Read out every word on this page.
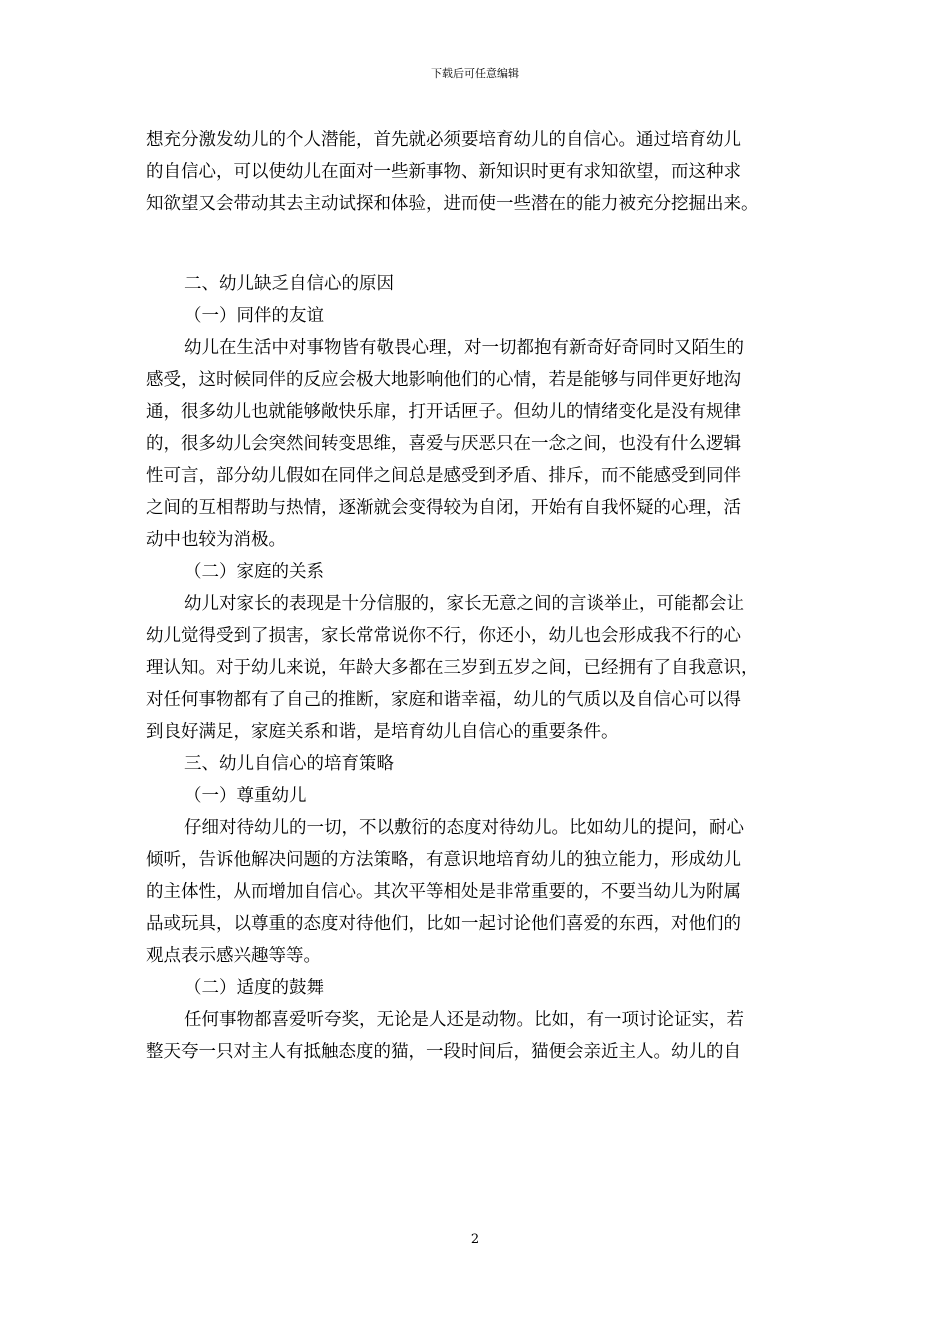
下载后可任意编辑
想充分激发幼儿的个人潜能，首先就必须要培育幼儿的自信心。通过培育幼儿
的自信心，可以使幼儿在面对一些新事物、新知识时更有求知欲望，而这种求
知欲望又会带动其去主动试探和体验，进而使一些潜在的能力被充分挖掘出来。
二、幼儿缺乏自信心的原因
（一）同伴的友谊
幼儿在生活中对事物皆有敬畏心理，对一切都抱有新奇好奇同时又陌生的
感受，这时候同伴的反应会极大地影响他们的心情，若是能够与同伴更好地沟
通，很多幼儿也就能够敞快乐扉，打开话匣子。但幼儿的情绪变化是没有规律
的，很多幼儿会突然间转变思维，喜爱与厌恶只在一念之间，也没有什么逻辑
性可言，部分幼儿假如在同伴之间总是感受到矛盾、排斥，而不能感受到同伴
之间的互相帮助与热情，逐渐就会变得较为自闭，开始有自我怀疑的心理，活
动中也较为消极。
（二）家庭的关系
幼儿对家长的表现是十分信服的，家长无意之间的言谈举止，可能都会让
幼儿觉得受到了损害，家长常常说你不行，你还小，幼儿也会形成我不行的心
理认知。对于幼儿来说，年龄大多都在三岁到五岁之间，已经拥有了自我意识，
对任何事物都有了自己的推断，家庭和谐幸福，幼儿的气质以及自信心可以得
到良好满足，家庭关系和谐，是培育幼儿自信心的重要条件。
三、幼儿自信心的培育策略
（一）尊重幼儿
仔细对待幼儿的一切，不以敷衍的态度对待幼儿。比如幼儿的提问，耐心
倾听，告诉他解决问题的方法策略，有意识地培育幼儿的独立能力，形成幼儿
的主体性，从而增加自信心。其次平等相处是非常重要的，不要当幼儿为附属
品或玩具，以尊重的态度对待他们，比如一起讨论他们喜爱的东西，对他们的
观点表示感兴趣等等。
（二）适度的鼓舞
任何事物都喜爱听夸奖，无论是人还是动物。比如，有一项讨论证实，若
整天夸一只对主人有抵触态度的猫，一段时间后，猫便会亲近主人。幼儿的自
2
